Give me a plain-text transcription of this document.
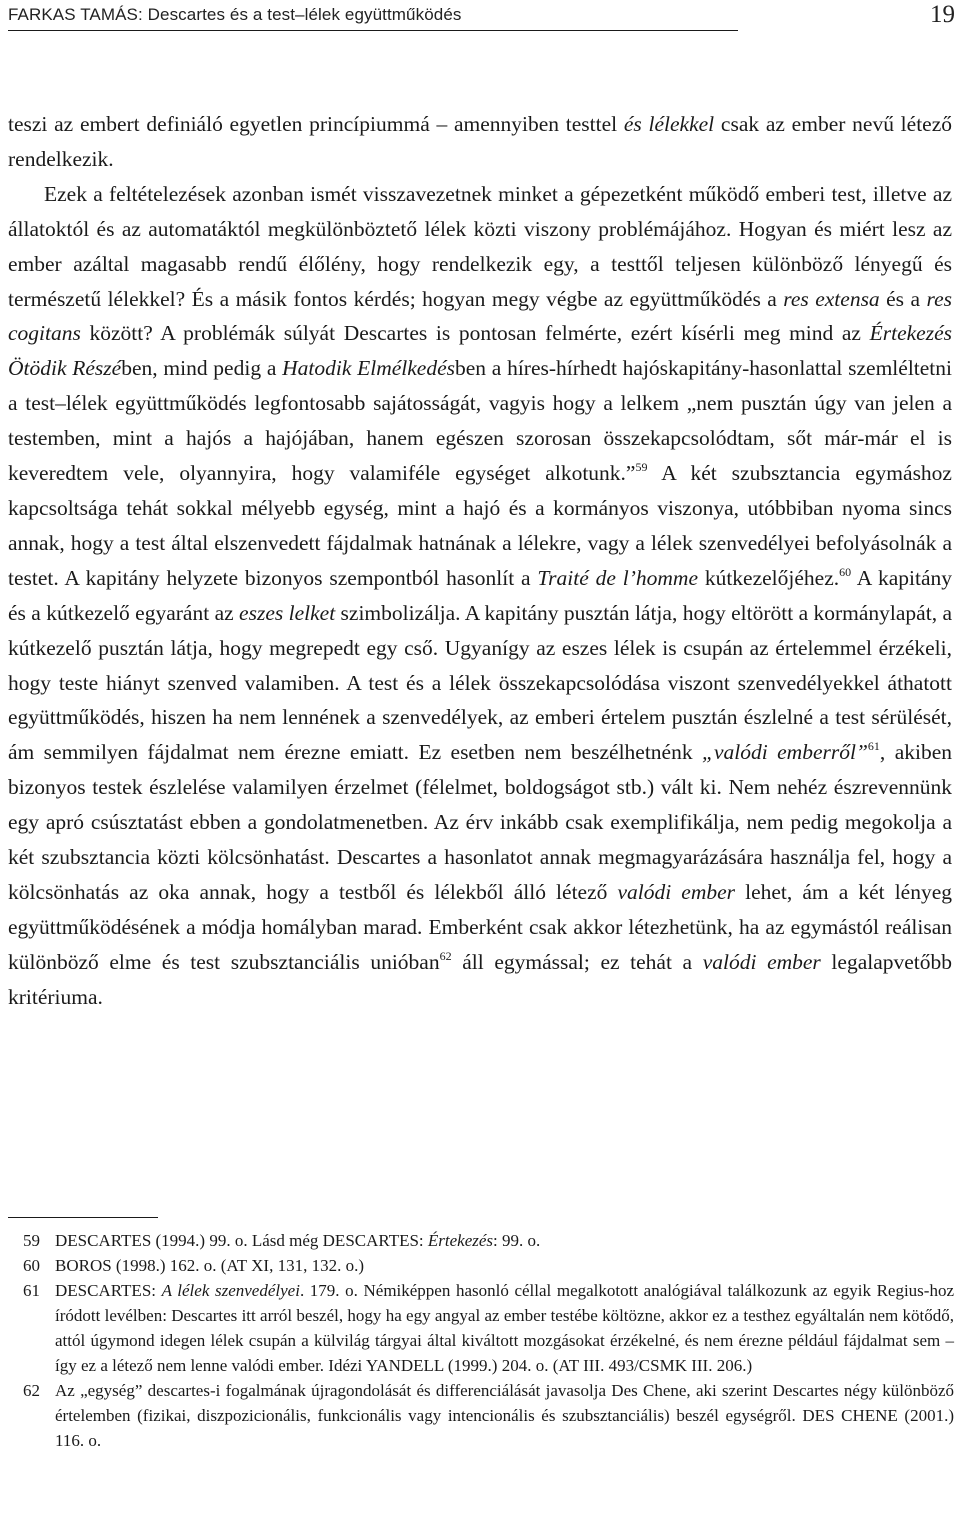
FARKAS TAMÁS: Descartes és a test–lélek együttműködés	19

teszi az embert definiáló egyetlen princípiummá – amennyiben testtel és lélekkel csak az ember nevű létező rendelkezik.

Ezek a feltételezések azonban ismét visszavezetnek minket a gépezetként működő emberi test, illetve az állatoktól és az automatáktól megkülönböztető lélek közti viszony problémájához. Hogyan és miért lesz az ember azáltal magasabb rendű élőlény, hogy rendelkezik egy, a testtől teljesen különböző lényegű és természetű lélekkel? És a másik fontos kérdés; hogyan megy végbe az együttműködés a res extensa és a res cogitans között? A problémák súlyát Descartes is pontosan felmérte, ezért kísérli meg mind az Értekezés Ötödik Részében, mind pedig a Hatodik Elmélkedésben a híres-hírhedt hajóskapitány-hasonlattal szemléltetni a test–lélek együttműködés legfontosabb sajátosságát, vagyis hogy a lelkem „nem pusztán úgy van jelen a testemben, mint a hajós a hajójában, hanem egészen szorosan összekapcsolódtam, sőt már-már el is keveredtem vele, olyannyira, hogy valamiféle egységet alkotunk.”$^{59}$ A két szubsztancia egymáshoz kapcsoltsága tehát sokkal mélyebb egység, mint a hajó és a kormányos viszonya, utóbbiban nyoma sincs annak, hogy a test által elszenvedett fájdalmak hatnának a lélekre, vagy a lélek szenvedélyei befolyásolnák a testet. A kapitány helyzete bizonyos szempontból hasonlít a Traité de l’homme kútkezelőjéhez.$^{60}$ A kapitány és a kútkezelő egyaránt az eszes lelket szimbolizálja. A kapitány pusztán látja, hogy eltörött a kormánylapát, a kútkezelő pusztán látja, hogy megrepedt egy cső. Ugyanígy az eszes lélek is csupán az értelemmel érzékeli, hogy teste hiányt szenved valamiben. A test és a lélek összekapcsolódása viszont szenvedélyekkel áthatott együttműködés, hiszen ha nem lennének a szenvedélyek, az emberi értelem pusztán észlelné a test sérülését, ám semmilyen fájdalmat nem érezne emiatt. Ez esetben nem beszélhetnénk „valódi emberről”$^{61}$, akiben bizonyos testek észlelése valamilyen érzelmet (félelmet, boldogságot stb.) vált ki. Nem nehéz észrevennünk egy apró csúsztatást ebben a gondolatmenetben. Az érv inkább csak exemplifikálja, nem pedig megokolja a két szubsztancia közti kölcsönhatást. Descartes a hasonlatot annak megmagyarázására használja fel, hogy a kölcsönhatás az oka annak, hogy a testből és lélekből álló létező valódi ember lehet, ám a két lényeg együttműködésének a módja homályban marad. Emberként csak akkor létezhetünk, ha az egymástól reálisan különböző elme és test szubsztanciális unióban$^{62}$ áll egymással; ez tehát a valódi ember legalapvetőbb kritériuma.

59 DESCARTES (1994.) 99. o. Lásd még DESCARTES: Értekezés: 99. o.
60 BOROS (1998.) 162. o. (AT XI, 131, 132. o.)
61 DESCARTES: A lélek szenvedélyei. 179. o. Némiképpen hasonló céllal megalkotott analógiával találkozunk az egyik Regius-hoz íródott levélben: Descartes itt arról beszél, hogy ha egy angyal az ember testébe költözne, akkor ez a testhez egyáltalán nem kötődő, attól úgymond idegen lélek csupán a külvilág tárgyai által kiváltott mozgásokat érzékelné, és nem érezne például fájdalmat sem – így ez a létező nem lenne valódi ember. Idézi YANDELL (1999.) 204. o. (AT III. 493/CSMK III. 206.)
62 Az „egység” descartes-i fogalmának újragondolását és differenciálását javasolja Des Chene, aki szerint Descartes négy különböző értelemben (fizikai, diszpozicionális, funkcionális vagy intencionális és szubsztanciális) beszél egységről. DES CHENE (2001.) 116. o.
